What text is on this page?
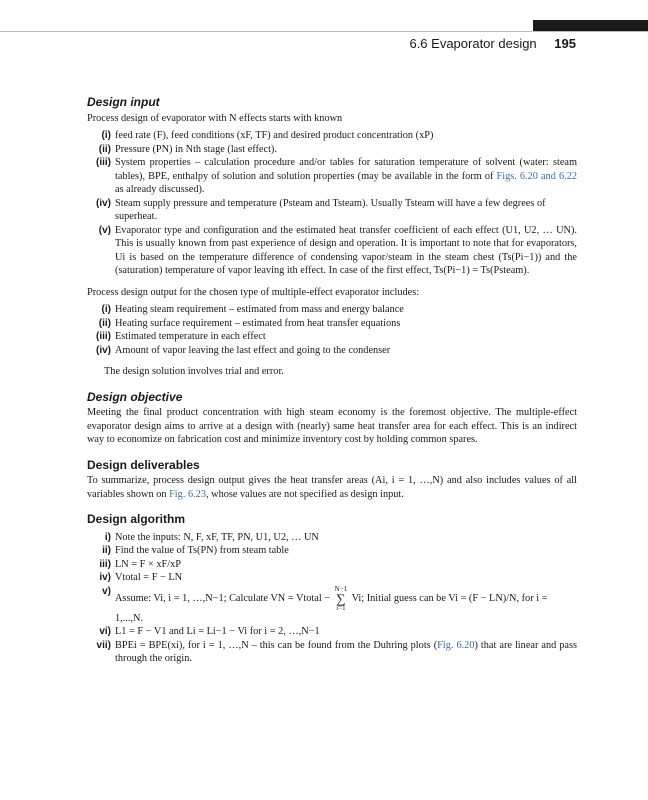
6.6 Evaporator design 195
Design input

Process design of evaporator with N effects starts with known

(i) feed rate (F), feed conditions (xF, TF) and desired product concentration (xP)
(ii) Pressure (PN) in Nth stage (last effect).
(iii) System properties – calculation procedure and/or tables for saturation temperature of solvent (water: steam tables), BPE, enthalpy of solution and solution properties (may be available in the form of Figs. 6.20 and 6.22 as already discussed).
(iv) Steam supply pressure and temperature (Psteam and Tsteam). Usually Tsteam will have a few degrees of superheat.
(v) Evaporator type and configuration and the estimated heat transfer coefficient of each effect (U1, U2, … UN). This is usually known from past experience of design and operation. It is important to note that for evaporators, Ui is based on the temperature difference of condensing vapor/steam in the steam chest (Ts(Pi−1)) and the (saturation) temperature of vapor leaving ith effect. In case of the first effect, Ts(Pi−1) = Ts(Psteam).

Process design output for the chosen type of multiple-effect evaporator includes:

(i) Heating steam requirement – estimated from mass and energy balance
(ii) Heating surface requirement – estimated from heat transfer equations
(iii) Estimated temperature in each effect
(iv) Amount of vapor leaving the last effect and going to the condenser

The design solution involves trial and error.

Design objective

Meeting the final product concentration with high steam economy is the foremost objective. The multiple-effect evaporator design aims to arrive at a design with (nearly) same heat transfer area for each effect. This is an indirect way to economize on fabrication cost and minimize inventory cost by holding common spares.

Design deliverables

To summarize, process design output gives the heat transfer areas (Ai, i = 1, …,N) and also includes values of all variables shown on Fig. 6.23, whose values are not specified as design input.

Design algorithm
i) Note the inputs: N, F, xF, TF, PN, U1, U2, … UN
ii) Find the value of Ts(PN) from steam table
iii) LN = F × xF/xP
iv) Vtotal = F − LN
v)
Assume: Vi, i = 1, …,N−1; Calculate VN = Vtotal − N−1
∑
i=1 Vi; Initial guess can be Vi = (F − LN)/N, for i = 1,...,N.
vi) L1 = F − V1 and Li = Li−1 − Vi for i = 2, …,N−1
vii) BPEi = BPE(xi), for i = 1, …,N – this can be found from the Duhring plots (Fig. 6.20) that are linear and pass through the origin.
